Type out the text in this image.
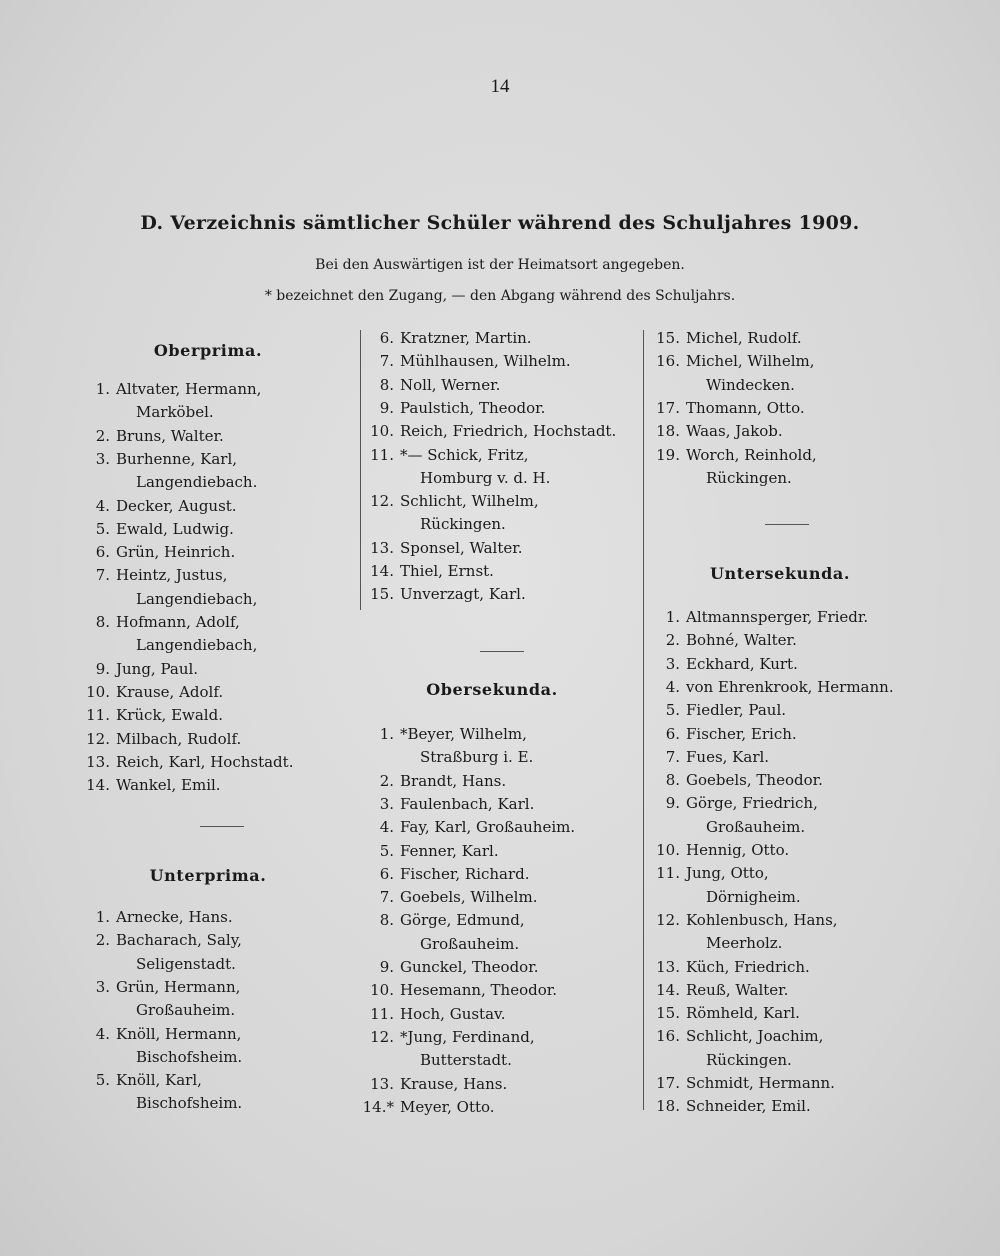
14
D. Verzeichnis sämtlicher Schüler während des Schuljahres 1909.
Bei den Auswärtigen ist der Heimatsort angegeben.
* bezeichnet den Zugang, — den Abgang während des Schuljahrs.
Oberprima.
1. Altvater, Hermann,
Marköbel.
2. Bruns, Walter.
3. Burhenne, Karl,
Langendiebach.
4. Decker, August.
5. Ewald, Ludwig.
6. Grün, Heinrich.
7. Heintz, Justus,
Langendiebach,
8. Hofmann, Adolf,
Langendiebach,
9. Jung, Paul.
10. Krause, Adolf.
11. Krück, Ewald.
12. Milbach, Rudolf.
13. Reich, Karl, Hochstadt.
14. Wankel, Emil.
Unterprima.
1. Arnecke, Hans.
2. Bacharach, Saly,
Seligenstadt.
3. Grün, Hermann,
Großauheim.
4. Knöll, Hermann,
Bischofsheim.
5. Knöll, Karl,
Bischofsheim.
6. Kratzner, Martin.
7. Mühlhausen, Wilhelm.
8. Noll, Werner.
9. Paulstich, Theodor.
10. Reich, Friedrich, Hochstadt.
11. *— Schick, Fritz,
Homburg v. d. H.
12. Schlicht, Wilhelm,
Rückingen.
13. Sponsel, Walter.
14. Thiel, Ernst.
15. Unverzagt, Karl.
Obersekunda.
1. *Beyer, Wilhelm,
Straßburg i. E.
2. Brandt, Hans.
3. Faulenbach, Karl.
4. Fay, Karl, Großauheim.
5. Fenner, Karl.
6. Fischer, Richard.
7. Goebels, Wilhelm.
8. Görge, Edmund,
Großauheim.
9. Gunckel, Theodor.
10. Hesemann, Theodor.
11. Hoch, Gustav.
12. *Jung, Ferdinand,
Butterstadt.
13. Krause, Hans.
14.* Meyer, Otto.
15. Michel, Rudolf.
16. Michel, Wilhelm,
Windecken.
17. Thomann, Otto.
18. Waas, Jakob.
19. Worch, Reinhold,
Rückingen.
Untersekunda.
1. Altmannsperger, Friedr.
2. Bohné, Walter.
3. Eckhard, Kurt.
4. von Ehrenkrook, Hermann.
5. Fiedler, Paul.
6. Fischer, Erich.
7. Fues, Karl.
8. Goebels, Theodor.
9. Görge, Friedrich,
Großauheim.
10. Hennig, Otto.
11. Jung, Otto,
Dörnigheim.
12. Kohlenbusch, Hans,
Meerholz.
13. Küch, Friedrich.
14. Reuß, Walter.
15. Römheld, Karl.
16. Schlicht, Joachim,
Rückingen.
17. Schmidt, Hermann.
18. Schneider, Emil.
